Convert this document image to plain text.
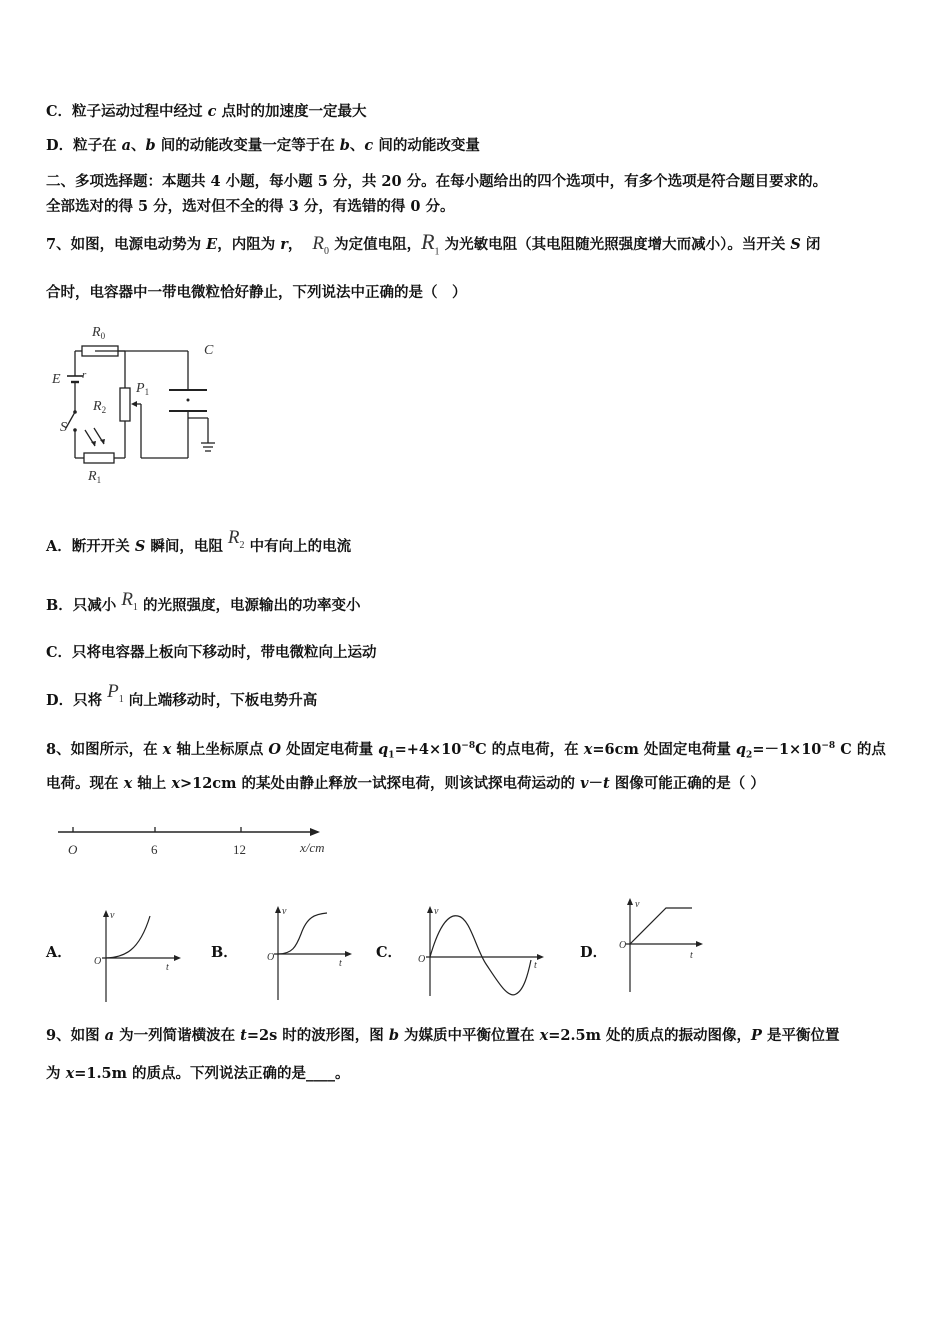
C．粒子运动过程中经过 c 点时的加速度一定最大
D．粒子在 a、b 间的动能改变量一定等于在 b、c 间的动能改变量
二、多项选择题：本题共 4 小题，每小题 5 分，共 20 分。在每小题给出的四个选项中，有多个选项是符合题目要求的。
全部选对的得 5 分，选对但不全的得 3 分，有选错的得 0 分。
7、如图，电源电动势为 E，内阻为 r， $R_0$ 为定值电阻，$R_1$ 为光敏电阻（其电阻随光照强度增大而减小）。当开关 S 闭
合时，电容器中一带电微粒恰好静止，下列说法中正确的是（　）
$R_0$
C
E r
$P_1$
$R_2$
S
$R_1$
A．断开开关 S 瞬间，电阻 $R_2$ 中有向上的电流
B．只减小 $R_1$ 的光照强度，电源输出的功率变小
C．只将电容器上板向下移动时，带电微粒向上运动
D．只将 $P_1$ 向上端移动时，下板电势升高
8、如图所示，在 x 轴上坐标原点 O 处固定电荷量 $q_1=+4\times 10^{-8}C$ 的点电荷，在 x=6cm 处固定电荷量 $q_2=-1\times 10^{-8}$ C 的点
电荷。现在 x 轴上 x>12cm 的某处由静止释放一试探电荷，则该试探电荷运动的 v－t 图像可能正确的是（ ）
O	6	12	x/cm
A．	B．	C．	D．
v
t
O
v
t
O
v
t
O
v
t
O
9、如图 a 为一列简谐横波在 t=2s 时的波形图，图 b 为媒质中平衡位置在 x=2.5m 处的质点的振动图像，P 是平衡位置
为 x=1.5m 的质点。下列说法正确的是____。
